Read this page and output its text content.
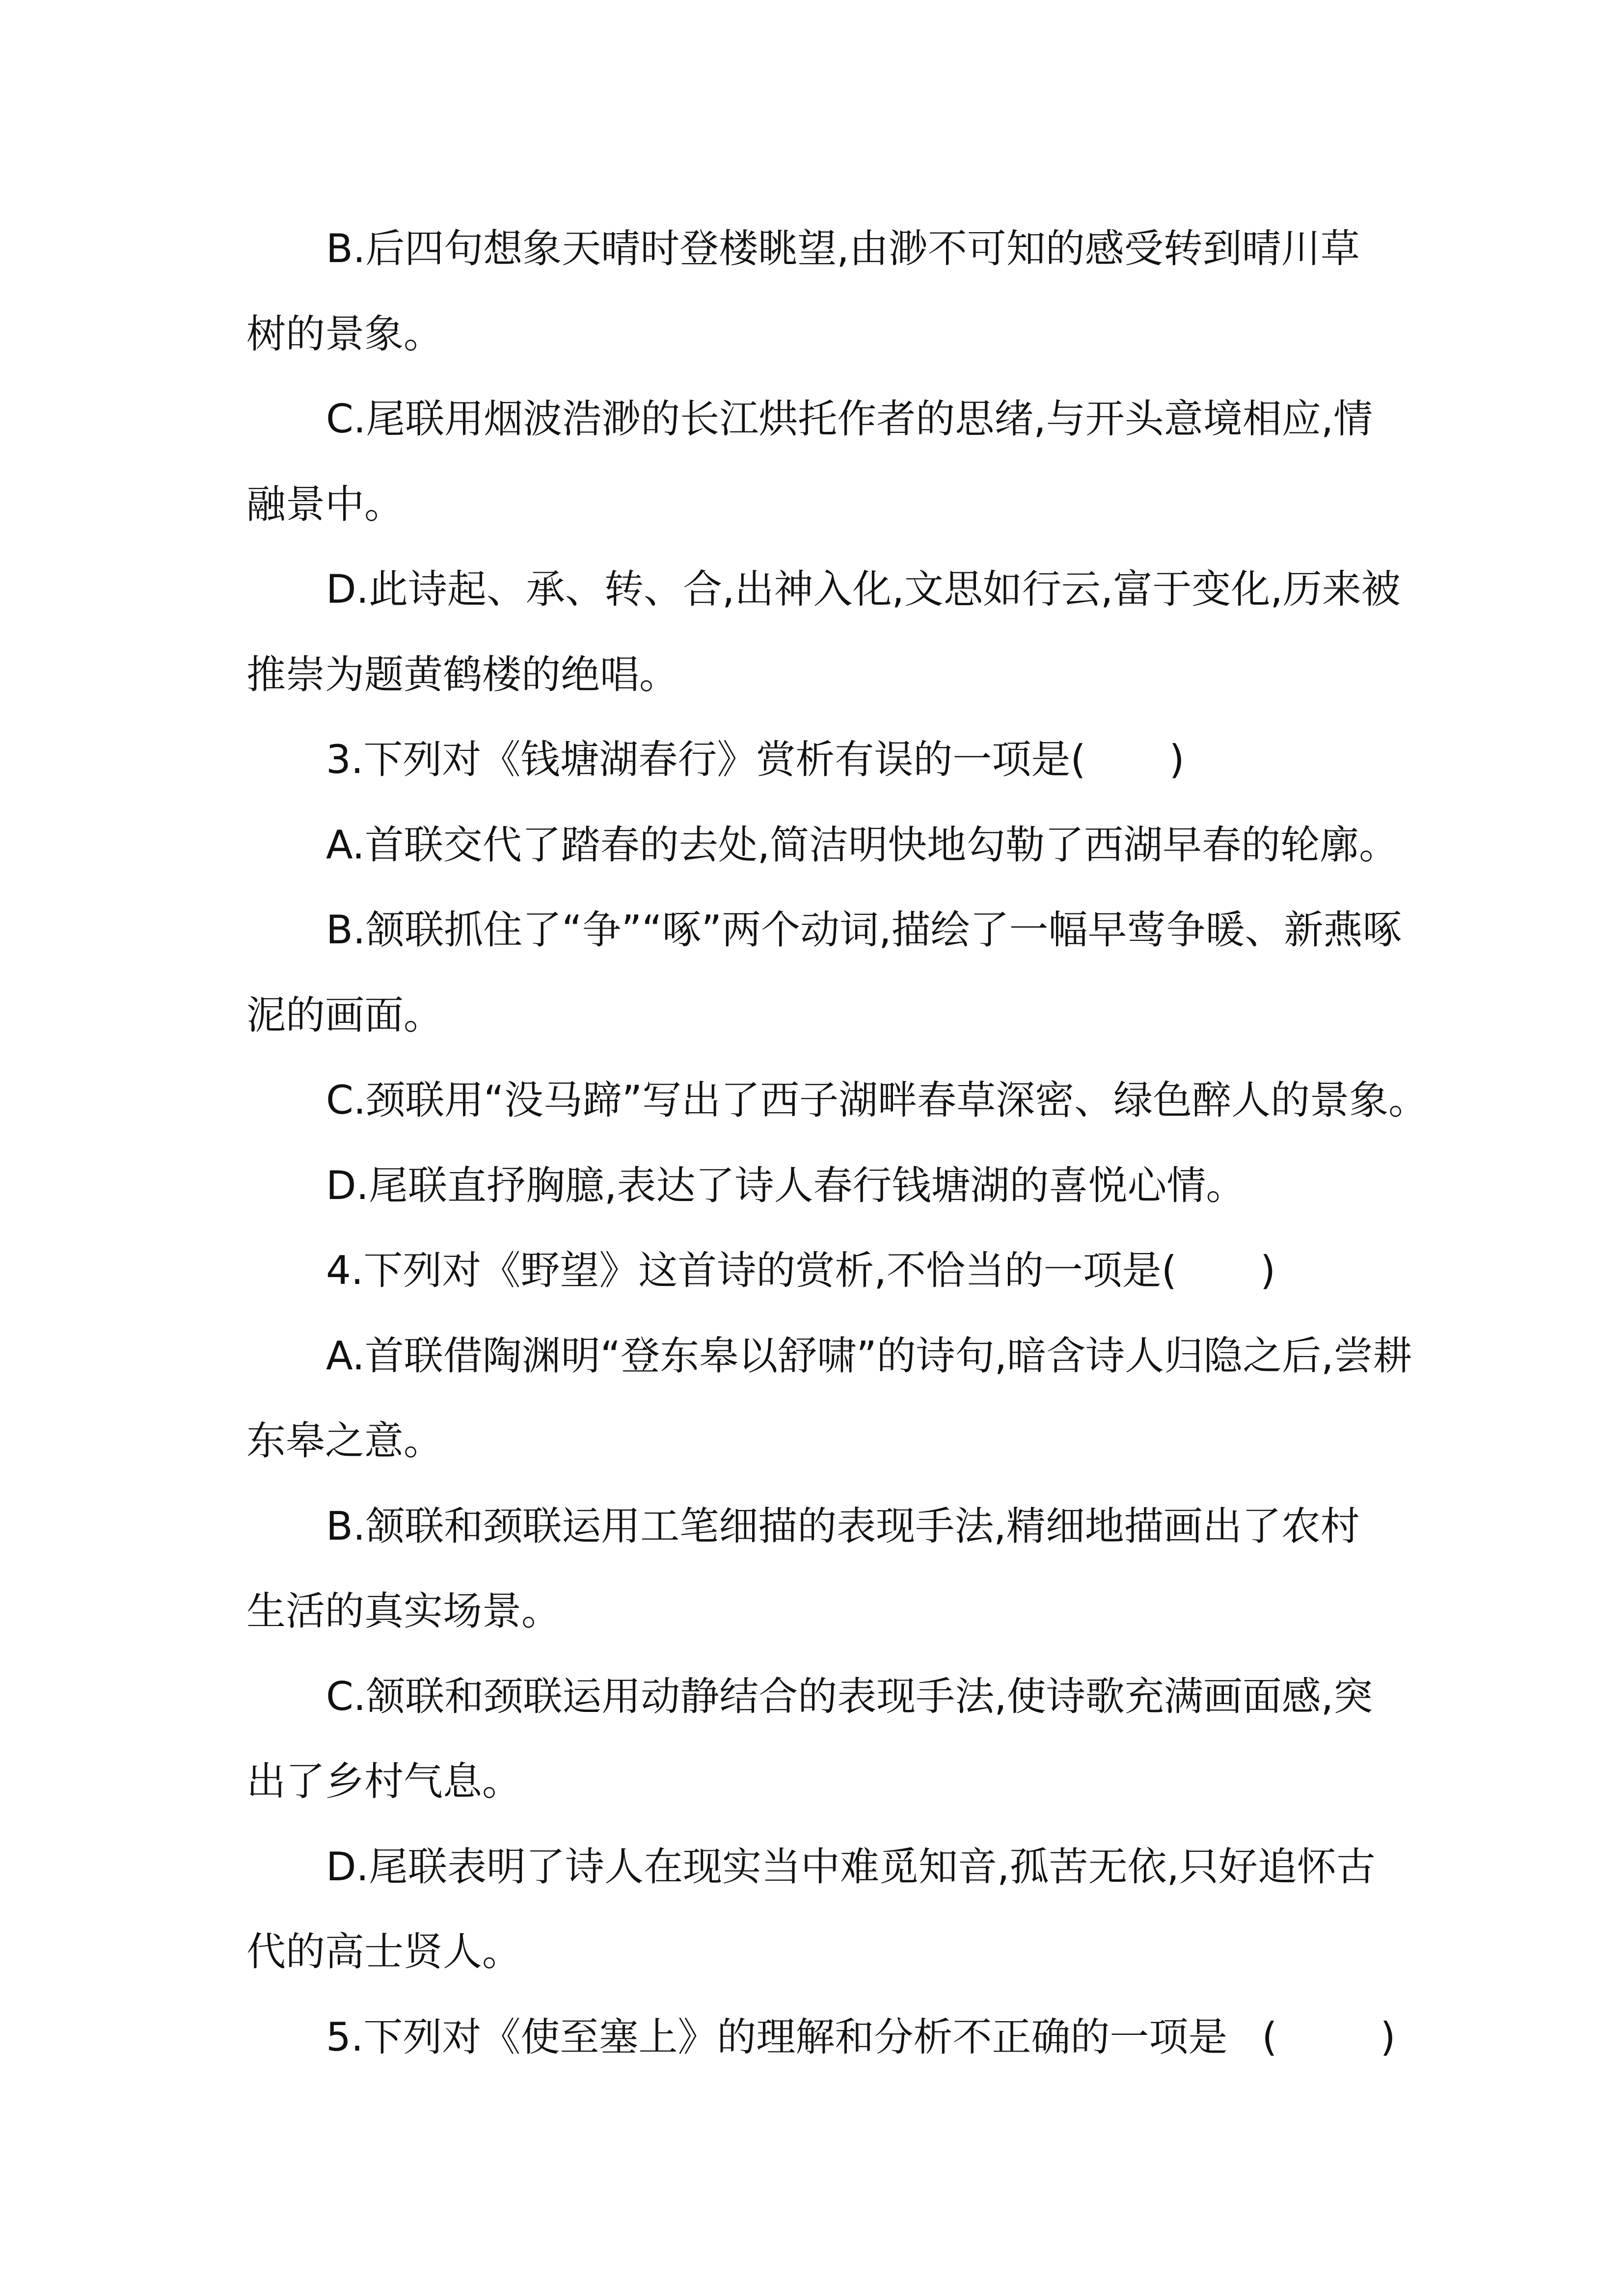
B.后四句想象天晴时登楼眺望,由渺不可知的感受转到晴川草
树的景象。
C.尾联用烟波浩渺的长江烘托作者的思绪,与开头意境相应,情
融景中。
D.此诗起、承、转、合,出神入化,文思如行云,富于变化,历来被
推崇为题黄鹤楼的绝唱。
3.下列对《钱塘湖春行》赏析有误的一项是( )
A.首联交代了踏春的去处,简洁明快地勾勒了西湖早春的轮廓。
B.颔联抓住了“争”“啄”两个动词,描绘了一幅早莺争暖、新燕啄
泥的画面。
C.颈联用“没马蹄”写出了西子湖畔春草深密、绿色醉人的景象。
D.尾联直抒胸臆,表达了诗人春行钱塘湖的喜悦心情。
4.下列对《野望》这首诗的赏析,不恰当的一项是( )
A.首联借陶渊明“登东皋以舒啸”的诗句,暗含诗人归隐之后,尝耕
东皋之意。
B.颔联和颈联运用工笔细描的表现手法,精细地描画出了农村
生活的真实场景。
C.颔联和颈联运用动静结合的表现手法,使诗歌充满画面感,突
出了乡村气息。
D.尾联表明了诗人在现实当中难觅知音,孤苦无依,只好追怀古
代的高士贤人。
5.下列对《使至塞上》的理解和分析不正确的一项是 (	)
